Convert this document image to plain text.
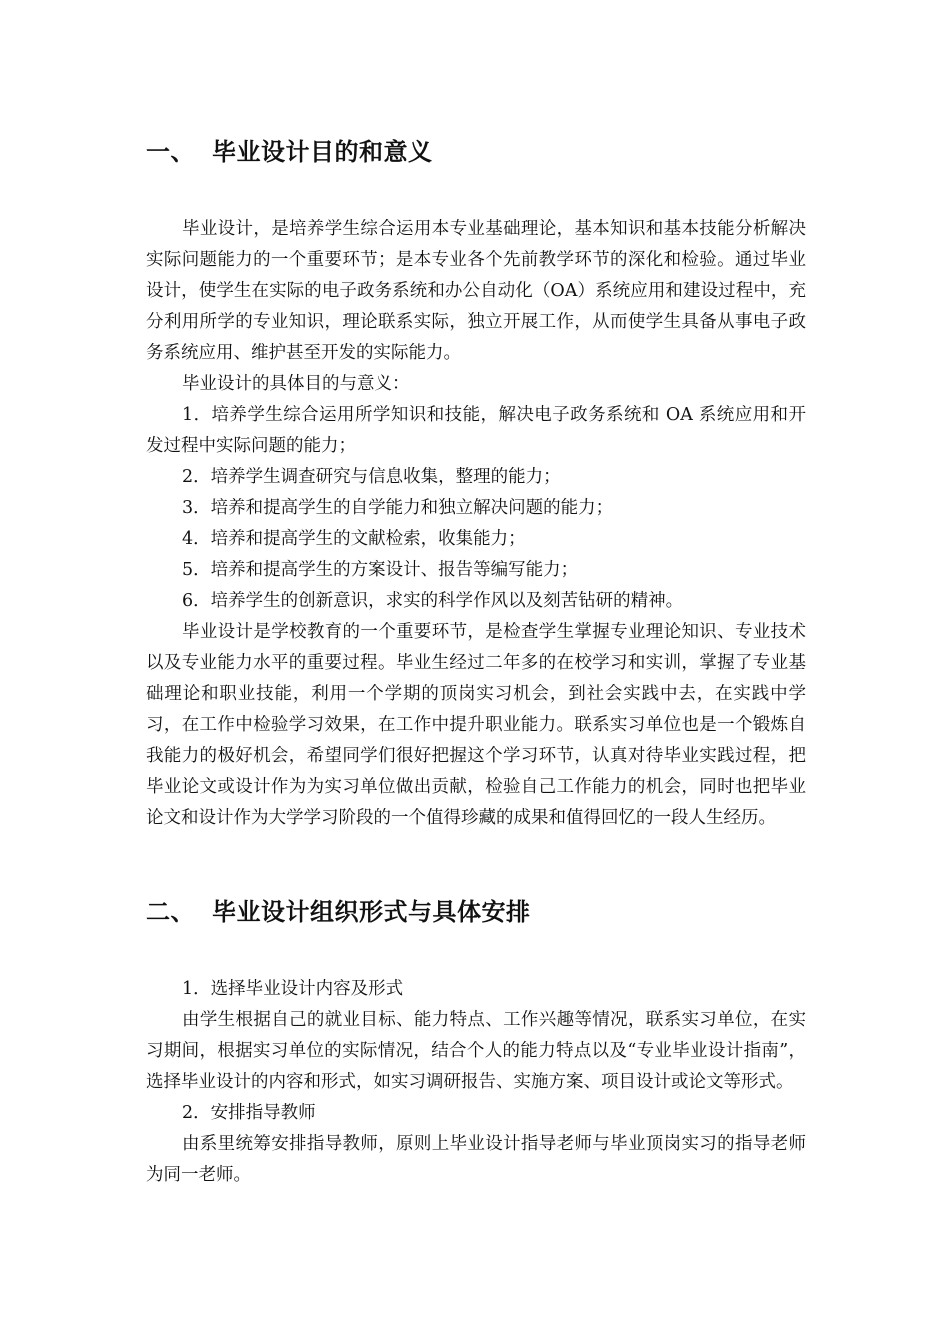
一、 毕业设计目的和意义

毕业设计，是培养学生综合运用本专业基础理论，基本知识和基本技能分析解决实际问题能力的一个重要环节；是本专业各个先前教学环节的深化和检验。通过毕业设计，使学生在实际的电子政务系统和办公自动化（OA）系统应用和建设过程中，充分利用所学的专业知识，理论联系实际，独立开展工作，从而使学生具备从事电子政务系统应用、维护甚至开发的实际能力。

毕业设计的具体目的与意义：

1．培养学生综合运用所学知识和技能，解决电子政务系统和 OA 系统应用和开发过程中实际问题的能力；

2．培养学生调查研究与信息收集，整理的能力；

3．培养和提高学生的自学能力和独立解决问题的能力；

4．培养和提高学生的文献检索，收集能力；

5．培养和提高学生的方案设计、报告等编写能力；

6．培养学生的创新意识，求实的科学作风以及刻苦钻研的精神。

毕业设计是学校教育的一个重要环节，是检查学生掌握专业理论知识、专业技术以及专业能力水平的重要过程。毕业生经过二年多的在校学习和实训，掌握了专业基础理论和职业技能，利用一个学期的顶岗实习机会，到社会实践中去，在实践中学习，在工作中检验学习效果，在工作中提升职业能力。联系实习单位也是一个锻炼自我能力的极好机会，希望同学们很好把握这个学习环节，认真对待毕业实践过程，把毕业论文或设计作为为实习单位做出贡献，检验自己工作能力的机会，同时也把毕业论文和设计作为大学学习阶段的一个值得珍藏的成果和值得回忆的一段人生经历。

二、 毕业设计组织形式与具体安排

1．选择毕业设计内容及形式

由学生根据自己的就业目标、能力特点、工作兴趣等情况，联系实习单位，在实习期间，根据实习单位的实际情况，结合个人的能力特点以及“专业毕业设计指南”，选择毕业设计的内容和形式，如实习调研报告、实施方案、项目设计或论文等形式。

2．安排指导教师

由系里统筹安排指导教师，原则上毕业设计指导老师与毕业顶岗实习的指导老师为同一老师。
